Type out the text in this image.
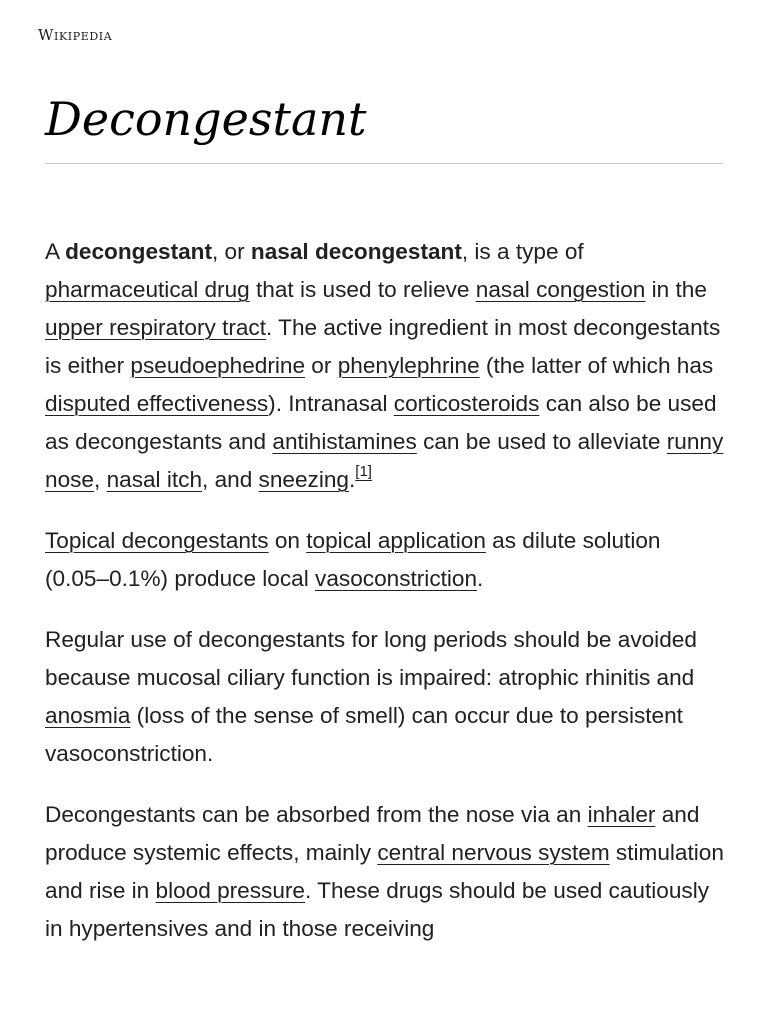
Wikipedia
Decongestant

A decongestant, or nasal decongestant, is a type of pharmaceutical drug that is used to relieve nasal congestion in the upper respiratory tract. The active ingredient in most decongestants is either pseudoephedrine or phenylephrine (the latter of which has disputed effectiveness). Intranasal corticosteroids can also be used as decongestants and antihistamines can be used to alleviate runny nose, nasal itch, and sneezing.[1]

Topical decongestants on topical application as dilute solution (0.05–0.1%) produce local vasoconstriction.

Regular use of decongestants for long periods should be avoided because mucosal ciliary function is impaired: atrophic rhinitis and anosmia (loss of the sense of smell) can occur due to persistent vasoconstriction.

Decongestants can be absorbed from the nose via an inhaler and produce systemic effects, mainly central nervous system stimulation and rise in blood pressure. These drugs should be used cautiously in hypertensives and in those receiving
